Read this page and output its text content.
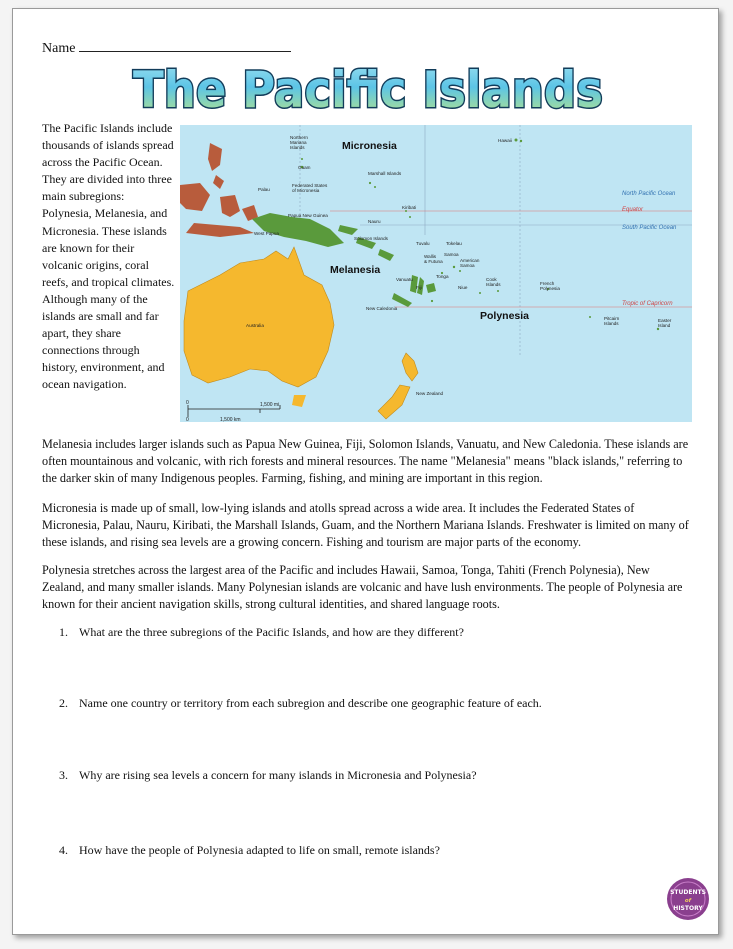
Name
The Pacific Islands

The Pacific Islands include thousands of islands spread across the Pacific Ocean. They are divided into three main subregions: Polynesia, Melanesia, and Micronesia. These islands are known for their volcanic origins, coral reefs, and tropical climates. Although many of the islands are small and far apart, they share connections through history, environment, and ocean navigation.

Micronesia
Melanesia
Polynesia
North Pacific Ocean
Equator
South Pacific Ocean
Tropic of Capricorn
Northern Mariana Islands
Guam
Marshall Islands
Hawaii
Palau
Federated States of Micronesia
Kiribati
Papua New Guinea
Nauru
West Papua
Solomon Islands
Tuvalu	Tokelau
Wallis & Futuna
Samoa
American Samoa
Vanuatu
Fiji
Tonga
Niue
Cook Islands	French Polynesia
New Caledonia
Australia
Pitcairn Islands
Easter Island
New Zealand
0	1,500 mi
0	1,500 km

Melanesia includes larger islands such as Papua New Guinea, Fiji, Solomon Islands, Vanuatu, and New Caledonia. These islands are often mountainous and volcanic, with rich forests and mineral resources. The name "Melanesia" means "black islands," referring to the darker skin of many Indigenous peoples. Farming, fishing, and mining are important in this region.

Micronesia is made up of small, low-lying islands and atolls spread across a wide area. It includes the Federated States of Micronesia, Palau, Nauru, Kiribati, the Marshall Islands, Guam, and the Northern Mariana Islands. Freshwater is limited on many of these islands, and rising sea levels are a growing concern. Fishing and tourism are major parts of the economy.

Polynesia stretches across the largest area of the Pacific and includes Hawaii, Samoa, Tonga, Tahiti (French Polynesia), New Zealand, and many smaller islands. Many Polynesian islands are volcanic and have lush environments. The people of Polynesia are known for their ancient navigation skills, strong cultural identities, and shared language roots.

1. What are the three subregions of the Pacific Islands, and how are they different?

2. Name one country or territory from each subregion and describe one geographic feature of each.

3. Why are rising sea levels a concern for many islands in Micronesia and Polynesia?

4. How have the people of Polynesia adapted to life on small, remote islands?

STUDENTS
of
HISTORY
